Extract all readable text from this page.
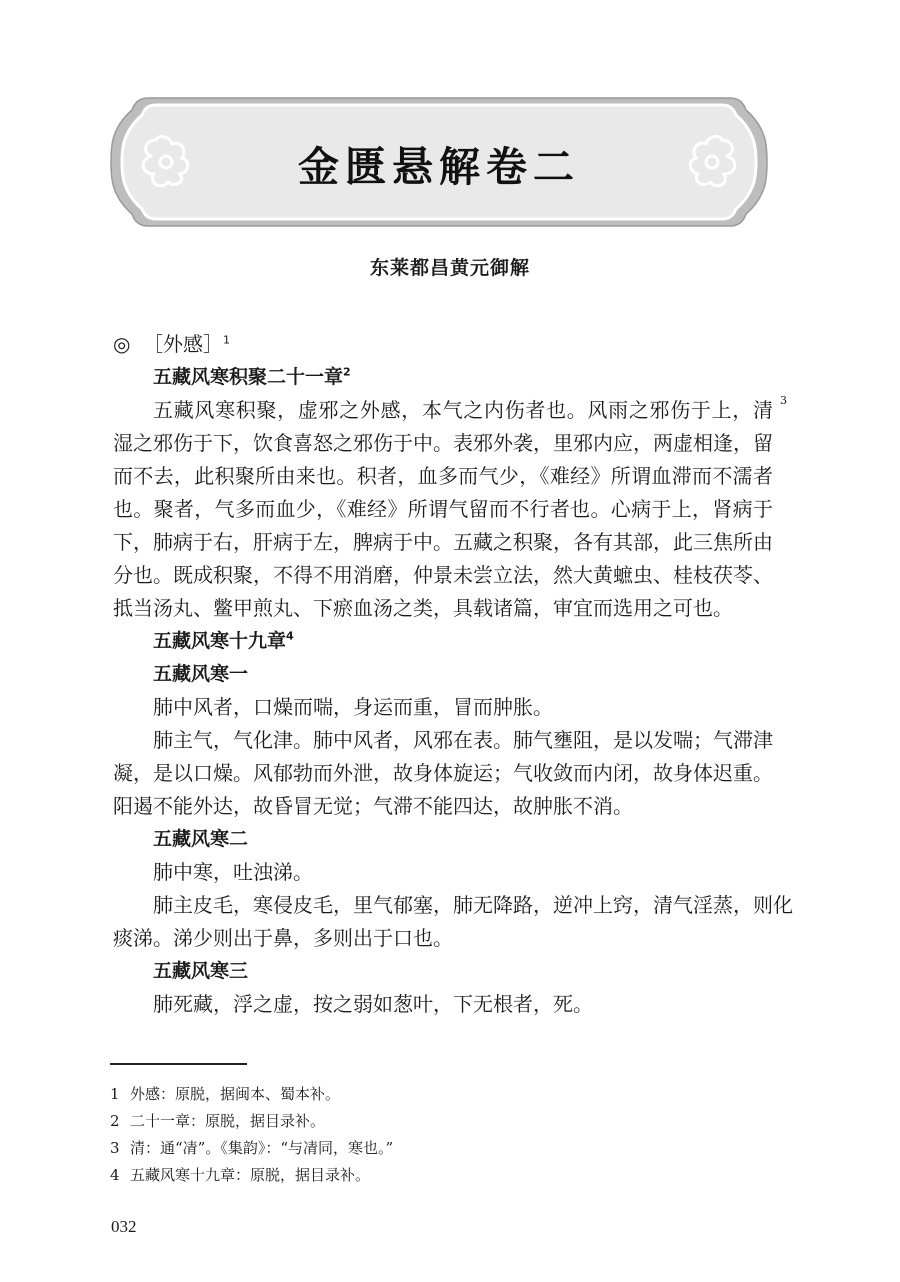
金匮悬解卷二
东莱都昌黄元御解
◎ ［外感］$^1$
五藏风寒积聚二十一章$^2$
五藏风寒积聚，虚邪之外感，本气之内伤者也。风雨之邪伤于上，清 3
湿之邪伤于下，饮食喜怒之邪伤于中。表邪外袭，里邪内应，两虚相逢，留
而不去，此积聚所由来也。积者，血多而气少，《难经》所谓血滞而不濡者
也。聚者，气多而血少，《难经》所谓气留而不行者也。心病于上，肾病于
下，肺病于右，肝病于左，脾病于中。五藏之积聚，各有其部，此三焦所由
分也。既成积聚，不得不用消磨，仲景未尝立法，然大黄蟅虫、桂枝茯苓、
抵当汤丸、鳖甲煎丸、下瘀血汤之类，具载诸篇，审宜而选用之可也。
五藏风寒十九章$^4$
五藏风寒一
肺中风者，口燥而喘，身运而重，冒而肿胀。
肺主气，气化津。肺中风者，风邪在表。肺气壅阻，是以发喘；气滞津
凝，是以口燥。风郁勃而外泄，故身体旋运；气收敛而内闭，故身体迟重。
阳遏不能外达，故昏冒无觉；气滞不能四达，故肿胀不消。
五藏风寒二
肺中寒，吐浊涕。
肺主皮毛，寒侵皮毛，里气郁塞，肺无降路，逆冲上窍，清气淫蒸，则化
痰涕。涕少则出于鼻，多则出于口也。
五藏风寒三
肺死藏，浮之虚，按之弱如葱叶，下无根者，死。
1 外感：原脱，据闽本、蜀本补。
2 二十一章：原脱，据目录补。
3 清：通“凊”。《集韵》：“与凊同，寒也。”
4 五藏风寒十九章：原脱，据目录补。
032
